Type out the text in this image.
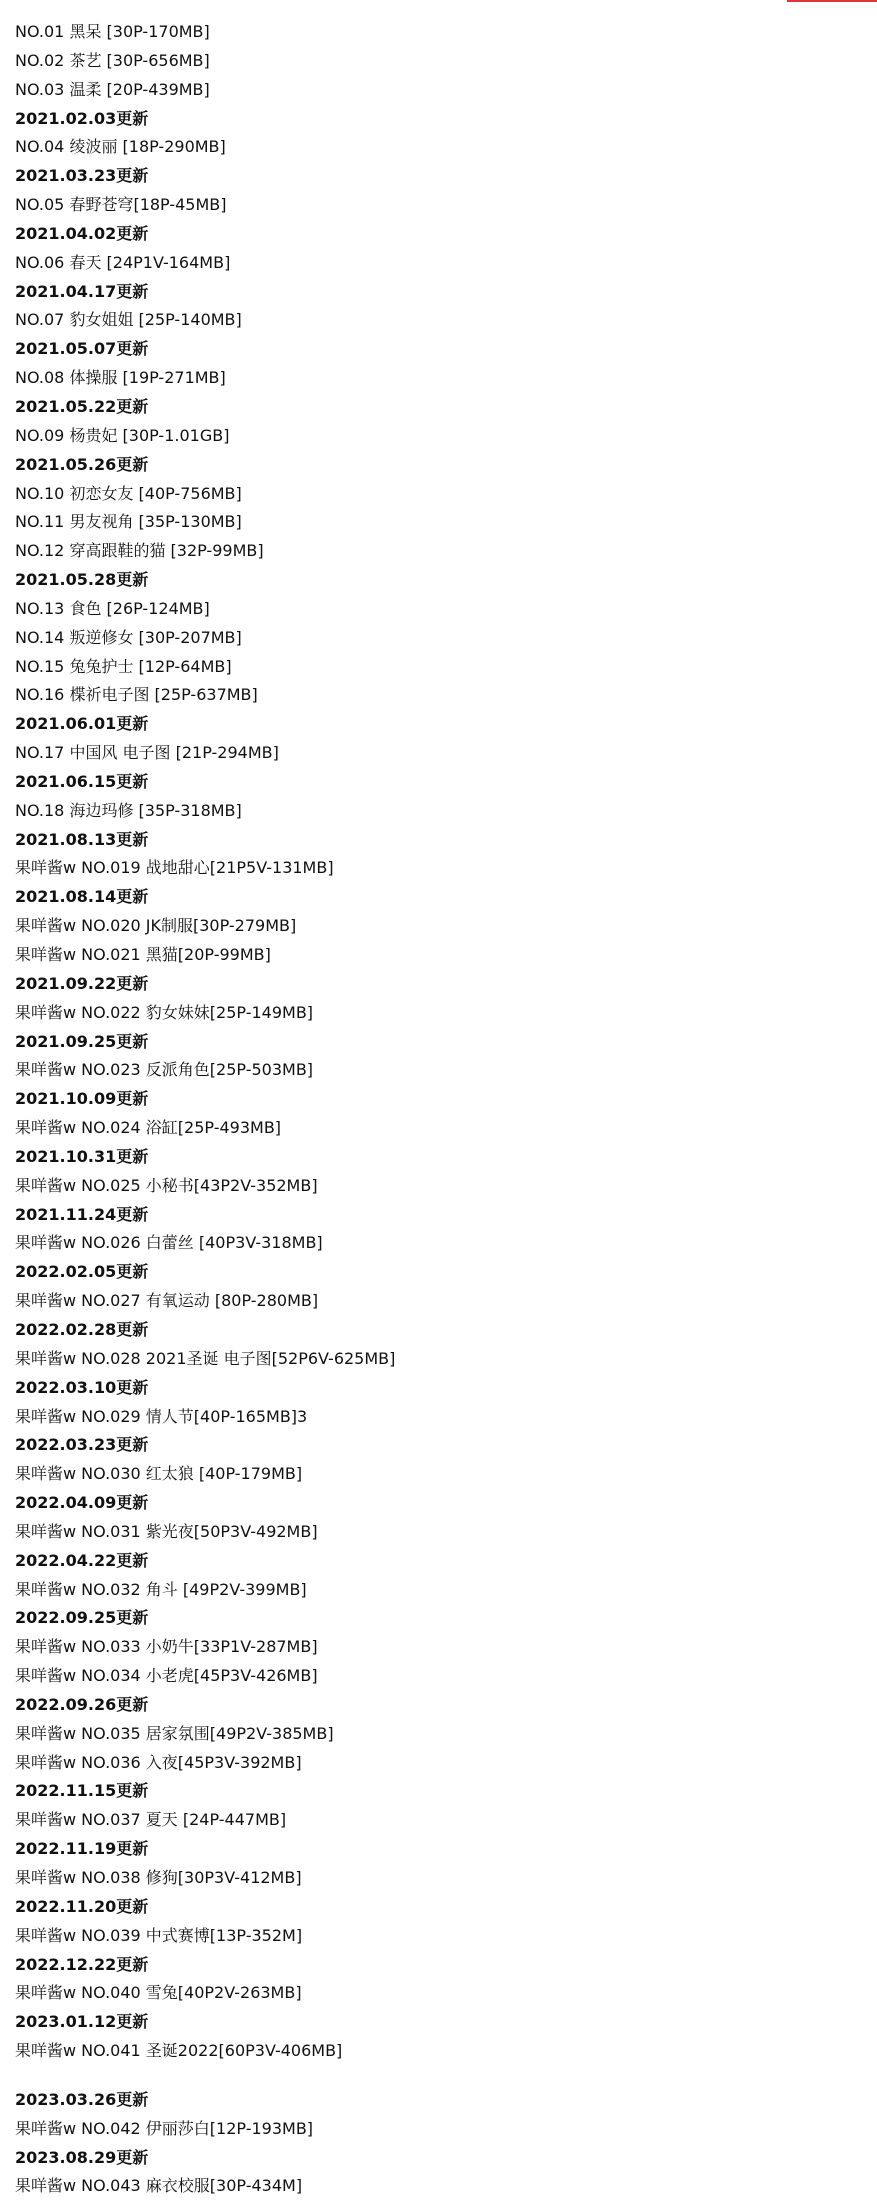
NO.01 黑呆 [30P-170MB]
NO.02 茶艺 [30P-656MB]
NO.03 温柔 [20P-439MB]
2021.02.03更新
NO.04 绫波丽 [18P-290MB]
2021.03.23更新
NO.05 春野苍穹[18P-45MB]
2021.04.02更新
NO.06 春天 [24P1V-164MB]
2021.04.17更新
NO.07 豹女姐姐 [25P-140MB]
2021.05.07更新
NO.08 体操服 [19P-271MB]
2021.05.22更新
NO.09 杨贵妃 [30P-1.01GB]
2021.05.26更新
NO.10 初恋女友 [40P-756MB]
NO.11 男友视角 [35P-130MB]
NO.12 穿高跟鞋的猫 [32P-99MB]
2021.05.28更新
NO.13 食色 [26P-124MB]
NO.14 叛逆修女 [30P-207MB]
NO.15 兔兔护士 [12P-64MB]
NO.16 楪祈电子图 [25P-637MB]
2021.06.01更新
NO.17 中国风 电子图 [21P-294MB]
2021.06.15更新
NO.18 海边玛修 [35P-318MB]
2021.08.13更新
果咩酱w NO.019 战地甜心[21P5V-131MB]
2021.08.14更新
果咩酱w NO.020 JK制服[30P-279MB]
果咩酱w NO.021 黑猫[20P-99MB]
2021.09.22更新
果咩酱w NO.022 豹女妹妹[25P-149MB]
2021.09.25更新
果咩酱w NO.023 反派角色[25P-503MB]
2021.10.09更新
果咩酱w NO.024 浴缸[25P-493MB]
2021.10.31更新
果咩酱w NO.025 小秘书[43P2V-352MB]
2021.11.24更新
果咩酱w NO.026 白蕾丝 [40P3V-318MB]
2022.02.05更新
果咩酱w NO.027 有氧运动 [80P-280MB]
2022.02.28更新
果咩酱w NO.028 2021圣诞 电子图[52P6V-625MB]
2022.03.10更新
果咩酱w NO.029 情人节[40P-165MB]3
2022.03.23更新
果咩酱w NO.030 红太狼 [40P-179MB]
2022.04.09更新
果咩酱w NO.031 紫光夜[50P3V-492MB]
2022.04.22更新
果咩酱w NO.032 角斗 [49P2V-399MB]
2022.09.25更新
果咩酱w NO.033 小奶牛[33P1V-287MB]
果咩酱w NO.034 小老虎[45P3V-426MB]
2022.09.26更新
果咩酱w NO.035 居家氛围[49P2V-385MB]
果咩酱w NO.036 入夜[45P3V-392MB]
2022.11.15更新
果咩酱w NO.037 夏天 [24P-447MB]
2022.11.19更新
果咩酱w NO.038 修狗[30P3V-412MB]
2022.11.20更新
果咩酱w NO.039 中式赛博[13P-352M]
2022.12.22更新
果咩酱w NO.040 雪兔[40P2V-263MB]
2023.01.12更新
果咩酱w NO.041 圣诞2022[60P3V-406MB]
2023.03.26更新
果咩酱w NO.042 伊丽莎白[12P-193MB]
2023.08.29更新
果咩酱w NO.043 麻衣校服[30P-434M]
